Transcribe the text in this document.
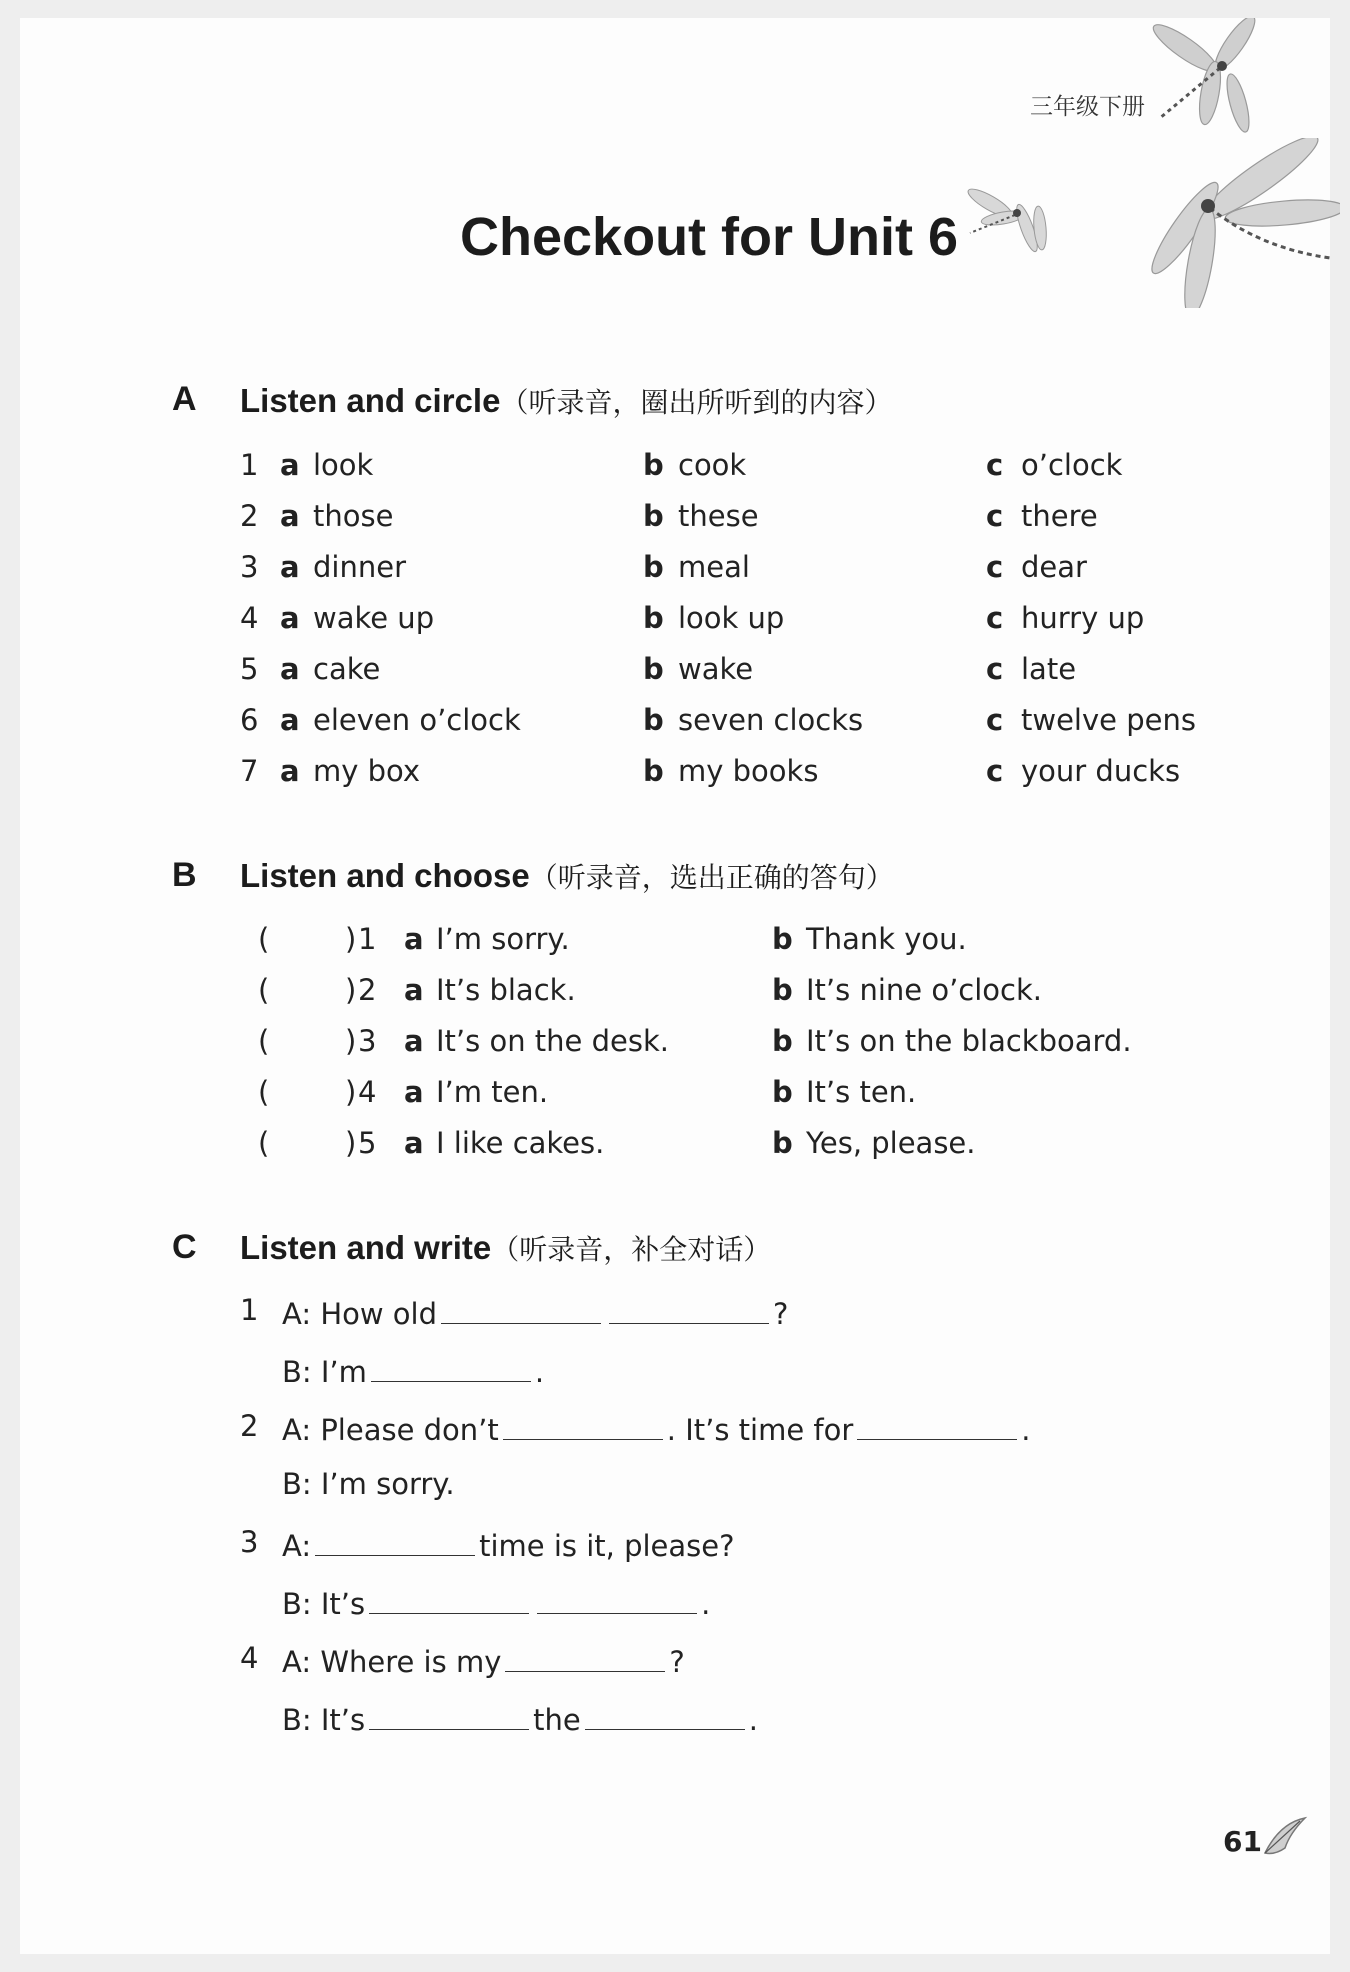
三年级下册
Checkout for Unit 6
A Listen and circle（听录音，圈出所听到的内容）
1 a look	b cook	c o’clock
2 a those	b these	c there
3 a dinner	b meal	c dear
4 a wake up	b look up	c hurry up
5 a cake	b wake	c late
6 a eleven o’clock	b seven clocks	c twelve pens
7 a my box	b my books	c your ducks
B Listen and choose（听录音，选出正确的答句）
(	) 1 a I’m sorry.	b Thank you.
(	) 2 a It’s black.	b It’s nine o’clock.
(	) 3 a It’s on the desk.	b It’s on the blackboard.
(	) 4 a I’m ten.	b It’s ten.
(	) 5 a I like cakes.	b Yes, please.
C Listen and write（听录音，补全对话）
1 A: How old	?
B: I’m	.
2 A: Please don’t	. It’s time for	.
B: I’m sorry.
3 A:	time is it, please?
B: It’s	.
4 A: Where is my	?
B: It’s	the	.
61
